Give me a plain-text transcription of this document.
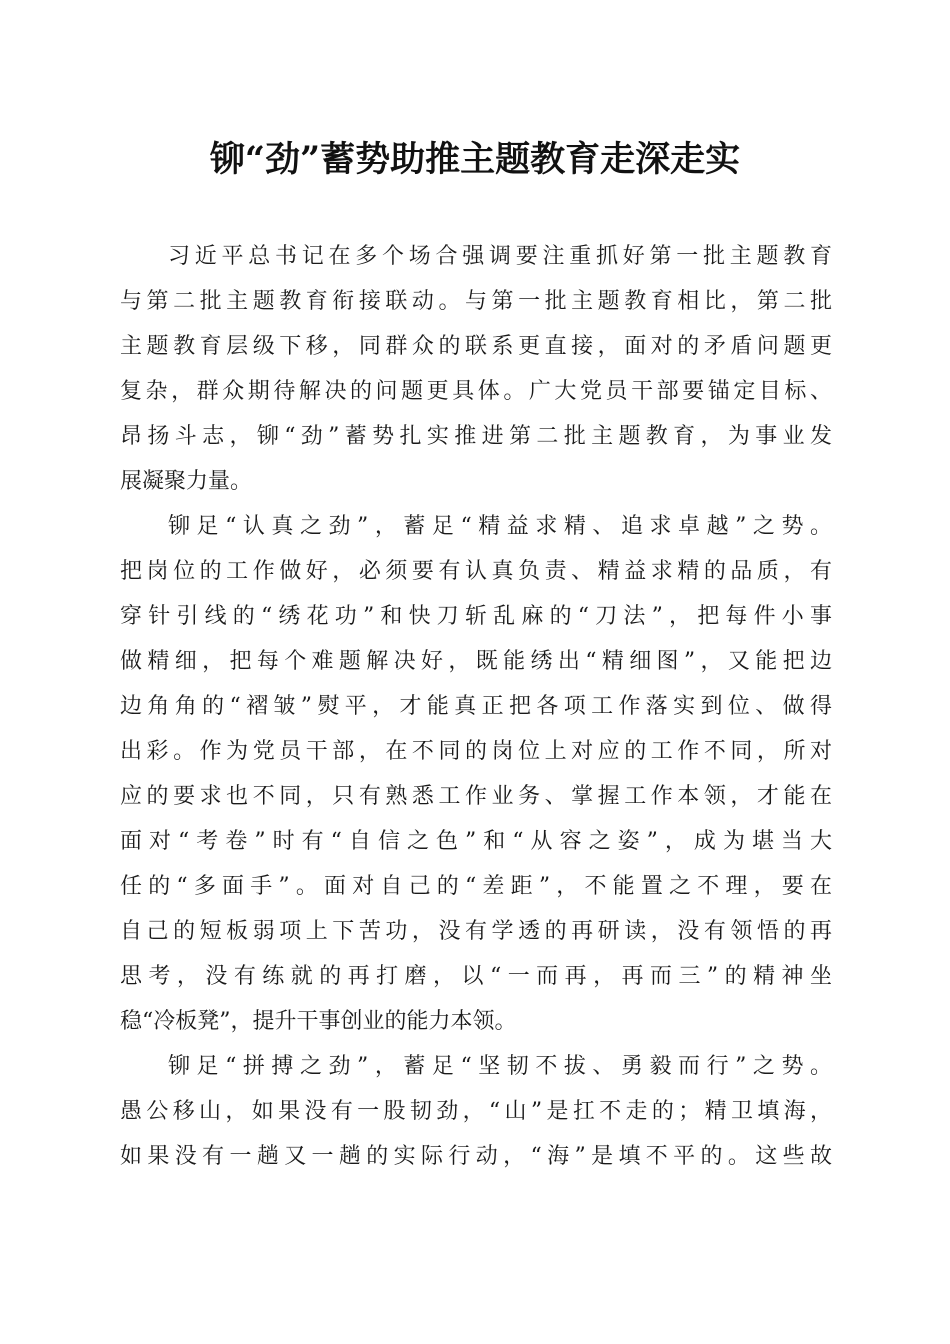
铆“劲”蓄势助推主题教育走深走实
习近平总书记在多个场合强调要注重抓好第一批主题教育
与第二批主题教育衔接联动。与第一批主题教育相比，第二批
主题教育层级下移，同群众的联系更直接，面对的矛盾问题更
复杂，群众期待解决的问题更具体。广大党员干部要锚定目标、
昂扬斗志，铆“劲”蓄势扎实推进第二批主题教育，为事业发
展凝聚力量。
铆足“认真之劲”，蓄足“精益求精、追求卓越”之势。
把岗位的工作做好，必须要有认真负责、精益求精的品质，有
穿针引线的“绣花功”和快刀斩乱麻的“刀法”，把每件小事
做精细，把每个难题解决好，既能绣出“精细图”，又能把边
边角角的“褶皱”熨平，才能真正把各项工作落实到位、做得
出彩。作为党员干部，在不同的岗位上对应的工作不同，所对
应的要求也不同，只有熟悉工作业务、掌握工作本领，才能在
面对“考卷”时有“自信之色”和“从容之姿”，成为堪当大
任的“多面手”。面对自己的“差距”，不能置之不理，要在
自己的短板弱项上下苦功，没有学透的再研读，没有领悟的再
思考，没有练就的再打磨，以“一而再，再而三”的精神坐
稳“冷板凳”，提升干事创业的能力本领。
铆足“拼搏之劲”，蓄足“坚韧不拔、勇毅而行”之势。
愚公移山，如果没有一股韧劲，“山”是扛不走的；精卫填海，
如果没有一趟又一趟的实际行动，“海”是填不平的。这些故
